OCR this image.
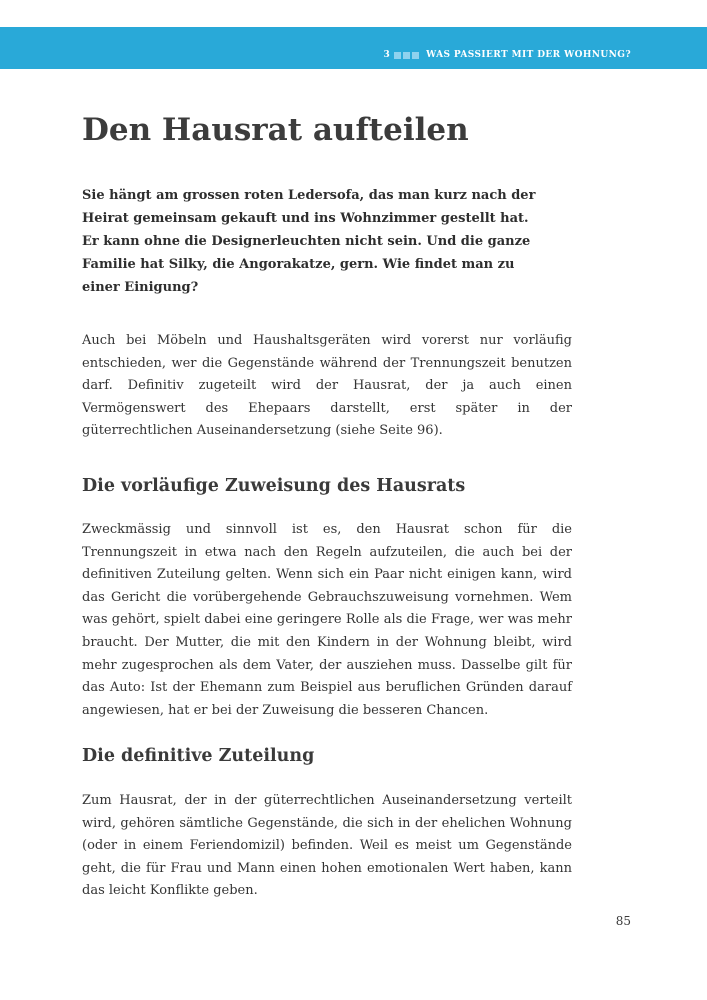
3	WAS PASSIERT MIT DER WOHNUNG?
Den Hausrat aufteilen

Sie hängt am grossen roten Ledersofa, das man kurz nach der Heirat gemeinsam gekauft und ins Wohnzimmer gestellt hat. Er kann ohne die Designerleuchten nicht sein. Und die ganze Familie hat Silky, die Angorakatze, gern. Wie findet man zu einer Einigung?

Auch bei Möbeln und Haushaltsgeräten wird vorerst nur vorläufig entschieden, wer die Gegenstände während der Trennungszeit benutzen darf. Definitiv zugeteilt wird der Hausrat, der ja auch einen Vermögenswert des Ehepaars darstellt, erst später in der güterrechtlichen Auseinandersetzung (siehe Seite 96).

Die vorläufige Zuweisung des Hausrats

Zweckmässig und sinnvoll ist es, den Hausrat schon für die Trennungszeit in etwa nach den Regeln aufzuteilen, die auch bei der definitiven Zuteilung gelten. Wenn sich ein Paar nicht einigen kann, wird das Gericht die vorübergehende Gebrauchszuweisung vornehmen. Wem was gehört, spielt dabei eine geringere Rolle als die Frage, wer was mehr braucht. Der Mutter, die mit den Kindern in der Wohnung bleibt, wird mehr zugesprochen als dem Vater, der ausziehen muss. Dasselbe gilt für das Auto: Ist der Ehemann zum Beispiel aus beruflichen Gründen darauf angewiesen, hat er bei der Zuweisung die besseren Chancen.

Die definitive Zuteilung

Zum Hausrat, der in der güterrechtlichen Auseinandersetzung verteilt wird, gehören sämtliche Gegenstände, die sich in der ehelichen Wohnung (oder in einem Feriendomizil) befinden. Weil es meist um Gegenstände geht, die für Frau und Mann einen hohen emotionalen Wert haben, kann das leicht Konflikte geben.

85
